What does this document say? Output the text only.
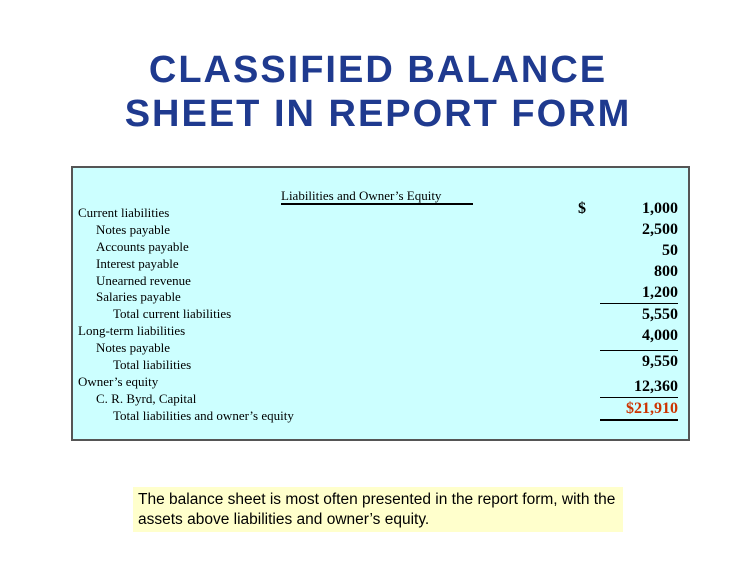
CLASSIFIED BALANCE
SHEET IN REPORT FORM
Liabilities and Owner’s Equity
Current liabilities
Notes payable
Accounts payable
Interest payable
Unearned revenue
Salaries payable
Total current liabilities
Long-term liabilities
Notes payable
Total liabilities
Owner’s equity
C. R. Byrd, Capital
Total liabilities and owner’s equity
$	1,000
2,500
50
800
1,200
5,550
4,000
9,550
12,360
$21,910
The balance sheet is most often presented in the report form, with the assets above liabilities and owner’s equity.
